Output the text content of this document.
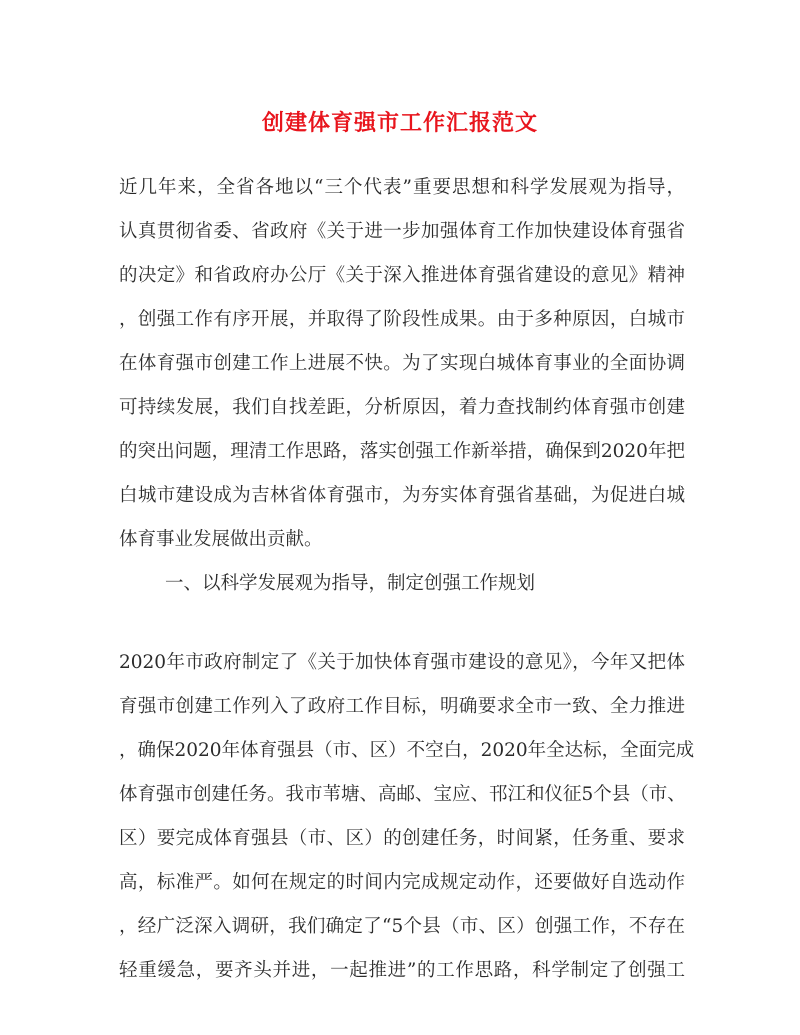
创建体育强市工作汇报范文
近几年来，全省各地以“三个代表”重要思想和科学发展观为指导，
认真贯彻省委、省政府《关于进一步加强体育工作加快建设体育强省
的决定》和省政府办公厅《关于深入推进体育强省建设的意见》精神
，创强工作有序开展，并取得了阶段性成果。由于多种原因，白城市
在体育强市创建工作上进展不快。为了实现白城体育事业的全面协调
可持续发展，我们自找差距，分析原因，着力查找制约体育强市创建
的突出问题，理清工作思路，落实创强工作新举措，确保到2020年把
白城市建设成为吉林省体育强市，为夯实体育强省基础，为促进白城
体育事业发展做出贡献。
一、以科学发展观为指导，制定创强工作规划
2020年市政府制定了《关于加快体育强市建设的意见》，今年又把体
育强市创建工作列入了政府工作目标，明确要求全市一致、全力推进
，确保2020年体育强县（市、区）不空白，2020年全达标，全面完成
体育强市创建任务。我市苇塘、高邮、宝应、邗江和仪征5个县（市、
区）要完成体育强县（市、区）的创建任务，时间紧，任务重、要求
高，标准严。如何在规定的时间内完成规定动作，还要做好自选动作
，经广泛深入调研，我们确定了“5个县（市、区）创强工作，不存在
轻重缓急，要齐头并进，一起推进”的工作思路，科学制定了创强工
